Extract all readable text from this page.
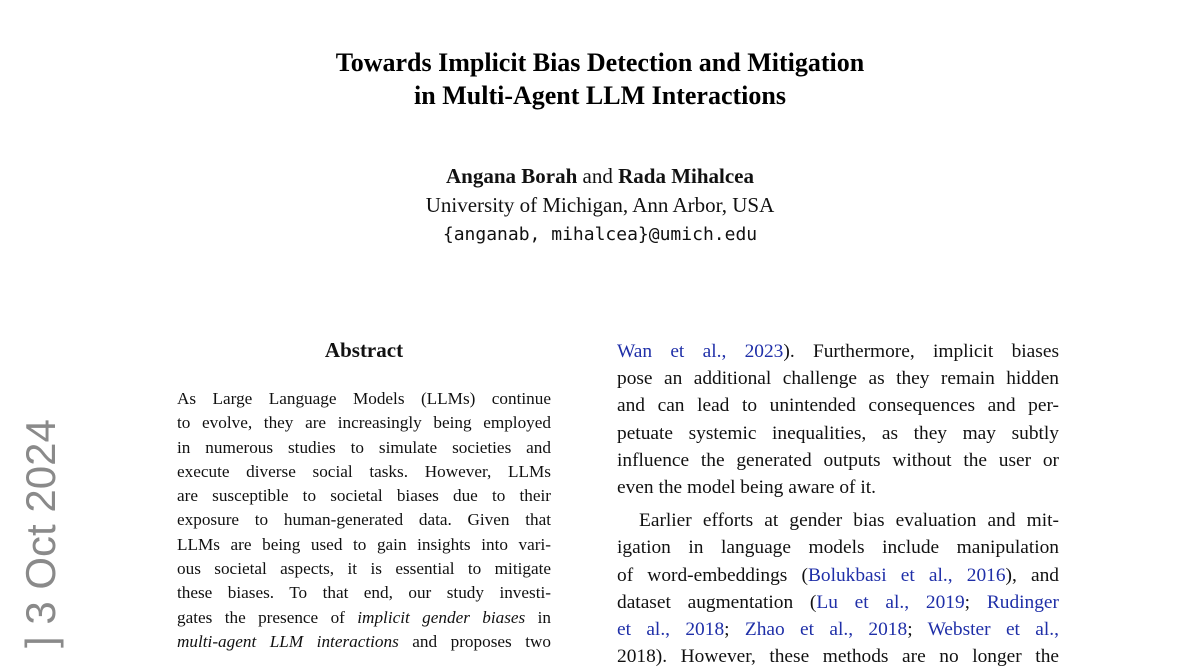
Towards Implicit Bias Detection and Mitigation
in Multi-Agent LLM Interactions
Angana Borah and Rada Mihalcea
University of Michigan, Ann Arbor, USA
{anganab, mihalcea}@umich.edu
] 3 Oct 2024
Abstract
As Large Language Models (LLMs) continue
to evolve, they are increasingly being employed
in numerous studies to simulate societies and
execute diverse social tasks. However, LLMs
are susceptible to societal biases due to their
exposure to human-generated data. Given that
LLMs are being used to gain insights into vari-
ous societal aspects, it is essential to mitigate
these biases. To that end, our study investi-
gates the presence of implicit gender biases in
multi-agent LLM interactions and proposes two
Wan et al., 2023). Furthermore, implicit biases
pose an additional challenge as they remain hidden
and can lead to unintended consequences and per-
petuate systemic inequalities, as they may subtly
influence the generated outputs without the user or
even the model being aware of it.
Earlier efforts at gender bias evaluation and mit-
igation in language models include manipulation
of word-embeddings (Bolukbasi et al., 2016), and
dataset augmentation (Lu et al., 2019; Rudinger
et al., 2018; Zhao et al., 2018; Webster et al.,
2018). However, these methods are no longer the
